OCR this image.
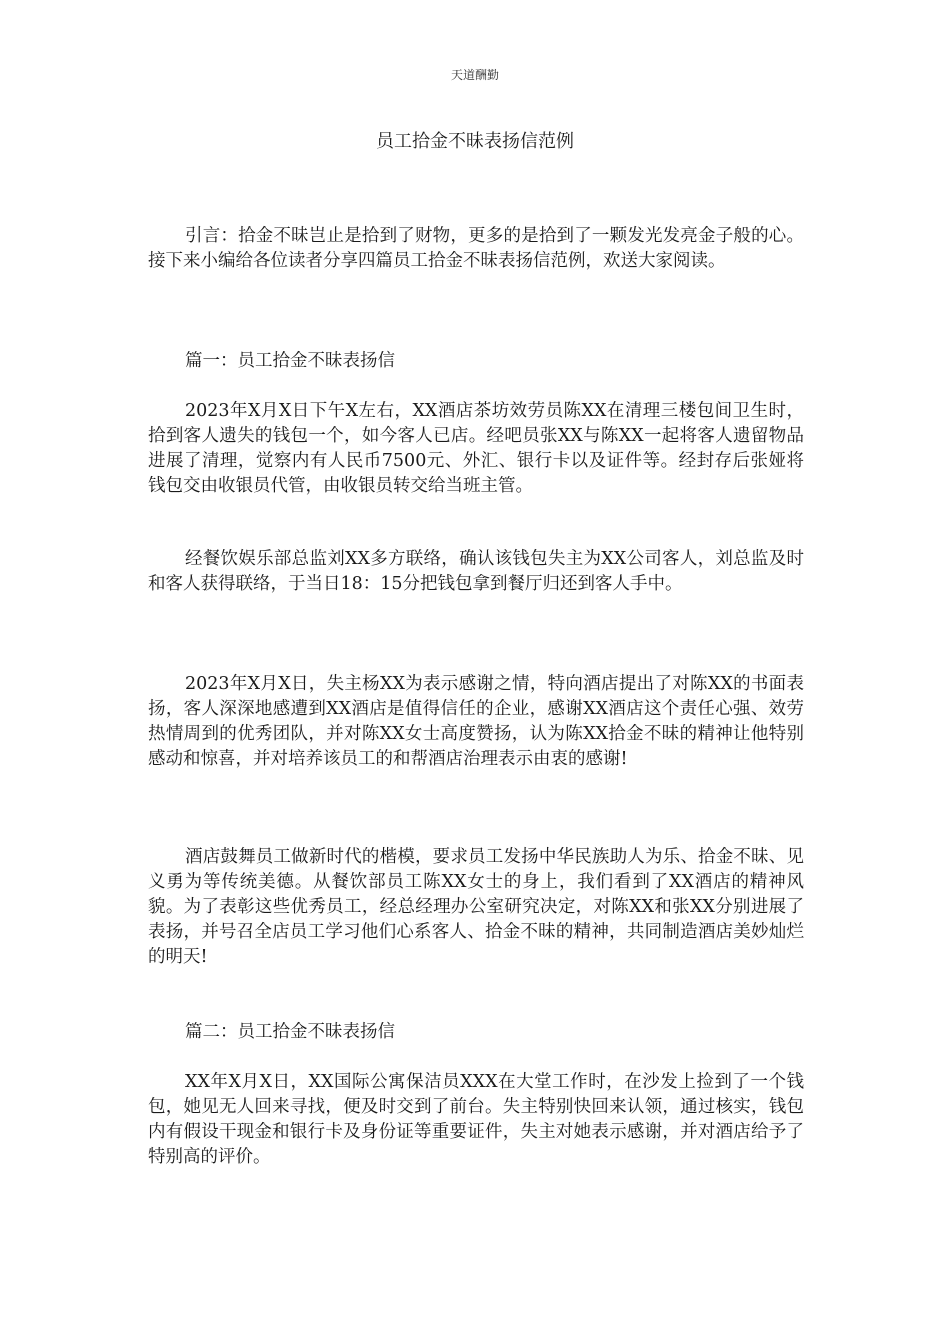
天道酬勤
员工拾金不昧表扬信范例

引言：拾金不昧岂止是拾到了财物，更多的是拾到了一颗发光发亮金子般的心。接下来小编给各位读者分享四篇员工拾金不昧表扬信范例，欢送大家阅读。

篇一：员工拾金不昧表扬信

2023年X月X日下午X左右，XX酒店茶坊效劳员陈XX在清理三楼包间卫生时，拾到客人遗失的钱包一个，如今客人已店。经吧员张XX与陈XX一起将客人遗留物品进展了清理，觉察内有人民币7500元、外汇、银行卡以及证件等。经封存后张娅将钱包交由收银员代管，由收银员转交给当班主管。

经餐饮娱乐部总监刘XX多方联络，确认该钱包失主为XX公司客人，刘总监及时和客人获得联络，于当日18：15分把钱包拿到餐厅归还到客人手中。

2023年X月X日，失主杨XX为表示感谢之情，特向酒店提出了对陈XX的书面表扬，客人深深地感遭到XX酒店是值得信任的企业，感谢XX酒店这个责任心强、效劳热情周到的优秀团队，并对陈XX女士高度赞扬，认为陈XX拾金不昧的精神让他特别感动和惊喜，并对培养该员工的和帮酒店治理表示由衷的感谢!

酒店鼓舞员工做新时代的楷模，要求员工发扬中华民族助人为乐、拾金不昧、见义勇为等传统美德。从餐饮部员工陈XX女士的身上，我们看到了XX酒店的精神风貌。为了表彰这些优秀员工，经总经理办公室研究决定，对陈XX和张XX分别进展了表扬，并号召全店员工学习他们心系客人、拾金不昧的精神，共同制造酒店美妙灿烂的明天!

篇二：员工拾金不昧表扬信

XX年X月X日，XX国际公寓保洁员XXX在大堂工作时，在沙发上捡到了一个钱包，她见无人回来寻找，便及时交到了前台。失主特别快回来认领，通过核实，钱包内有假设干现金和银行卡及身份证等重要证件，失主对她表示感谢，并对酒店给予了特别高的评价。
